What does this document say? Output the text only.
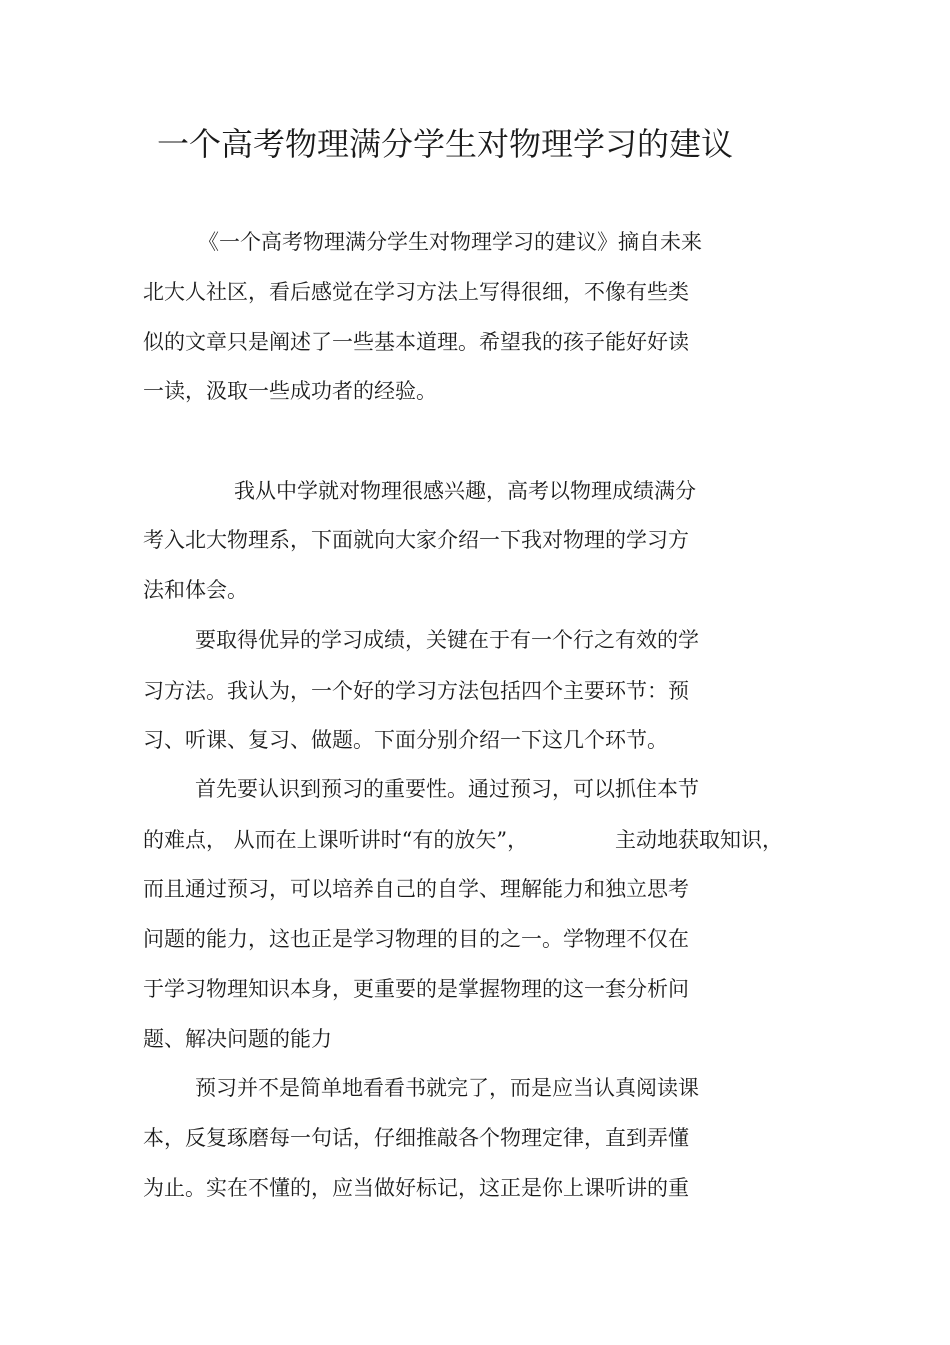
一个高考物理满分学生对物理学习的建议
《一个高考物理满分学生对物理学习的建议》摘自未来
北大人社区，看后感觉在学习方法上写得很细，不像有些类
似的文章只是阐述了一些基本道理。希望我的孩子能好好读
一读，汲取一些成功者的经验。
我从中学就对物理很感兴趣，高考以物理成绩满分
考入北大物理系，下面就向大家介绍一下我对物理的学习方
法和体会。
要取得优异的学习成绩，关键在于有一个行之有效的学
习方法。我认为，一个好的学习方法包括四个主要环节：预
习、听课、复习、做题。下面分别介绍一下这几个环节。
首先要认识到预习的重要性。通过预习，可以抓住本节
的难点， 从而在上课听讲时“有的放矢”，	主动地获取知识，
而且通过预习，可以培养自己的自学、理解能力和独立思考
问题的能力，这也正是学习物理的目的之一。学物理不仅在
于学习物理知识本身，更重要的是掌握物理的这一套分析问
题、解决问题的能力
预习并不是简单地看看书就完了，而是应当认真阅读课
本，反复琢磨每一句话，仔细推敲各个物理定律，直到弄懂
为止。实在不懂的，应当做好标记，这正是你上课听讲的重
